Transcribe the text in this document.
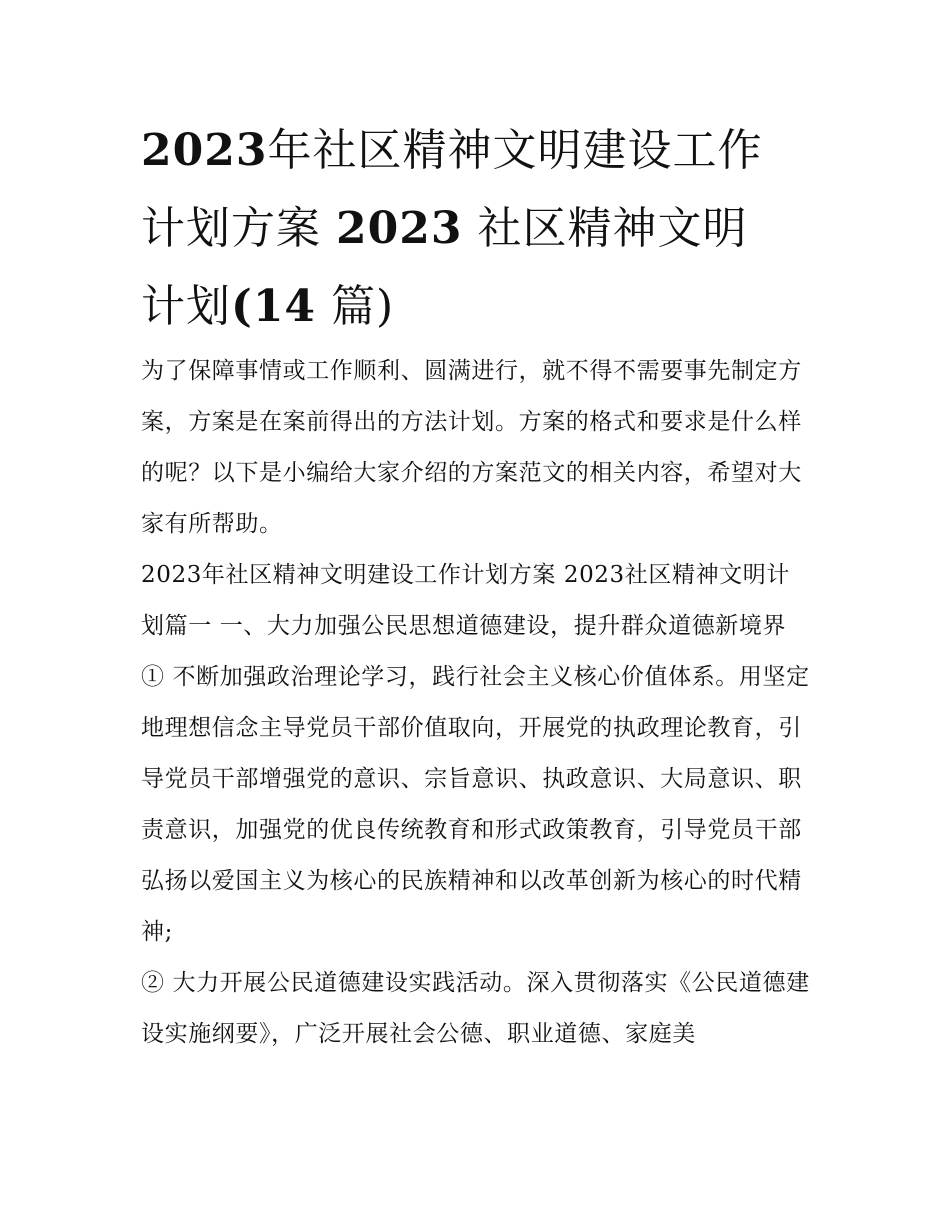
2023年社区精神文明建设工作
计划方案 2023 社区精神文明
计划(14 篇)

为了保障事情或工作顺利、圆满进行，就不得不需要事先制定方案，方案是在案前得出的方法计划。方案的格式和要求是什么样的呢？以下是小编给大家介绍的方案范文的相关内容，希望对大家有所帮助。

2023年社区精神文明建设工作计划方案 2023社区精神文明计划篇一 一、大力加强公民思想道德建设，提升群众道德新境界

① 不断加强政治理论学习，践行社会主义核心价值体系。用坚定地理想信念主导党员干部价值取向，开展党的执政理论教育，引导党员干部增强党的意识、宗旨意识、执政意识、大局意识、职责意识，加强党的优良传统教育和形式政策教育，引导党员干部弘扬以爱国主义为核心的民族精神和以改革创新为核心的时代精神;

② 大力开展公民道德建设实践活动。深入贯彻落实《公民道德建设实施纲要》，广泛开展社会公德、职业道德、家庭美
